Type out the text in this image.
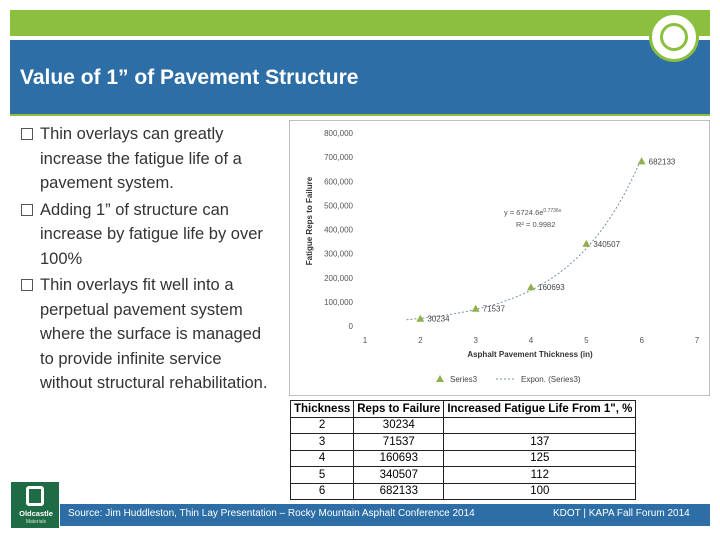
Value of 1” of Pavement Structure
Thin overlays can greatly increase the fatigue life of a pavement system.
Adding 1” of structure can increase by fatigue life by over 100%
Thin overlays fit well into a perpetual pavement system where the surface is managed to provide infinite service without structural rehabilitation.
Fatigue Reps to Failure
Asphalt Pavement Thickness (in)
0
100,000
200,000
300,000
400,000
500,000
600,000
700,000
800,000
1	2	3	4	5	6	7
$y = 6724.6e^{0.7736x}$
R² = 0.9982
30234
71537
160693
340507
682133
Series3	Expon. (Series3)
Thickness	Reps to Failure	Increased Fatigue Life From 1", %
2	30234	
3	71537	137
4	160693	125
5	340507	112
6	682133	100
Source: Jim Huddleston, Thin Lay Presentation – Rocky Mountain Asphalt Conference 2014	KDOT | KAPA Fall Forum 2014
Oldcastle
Materials
